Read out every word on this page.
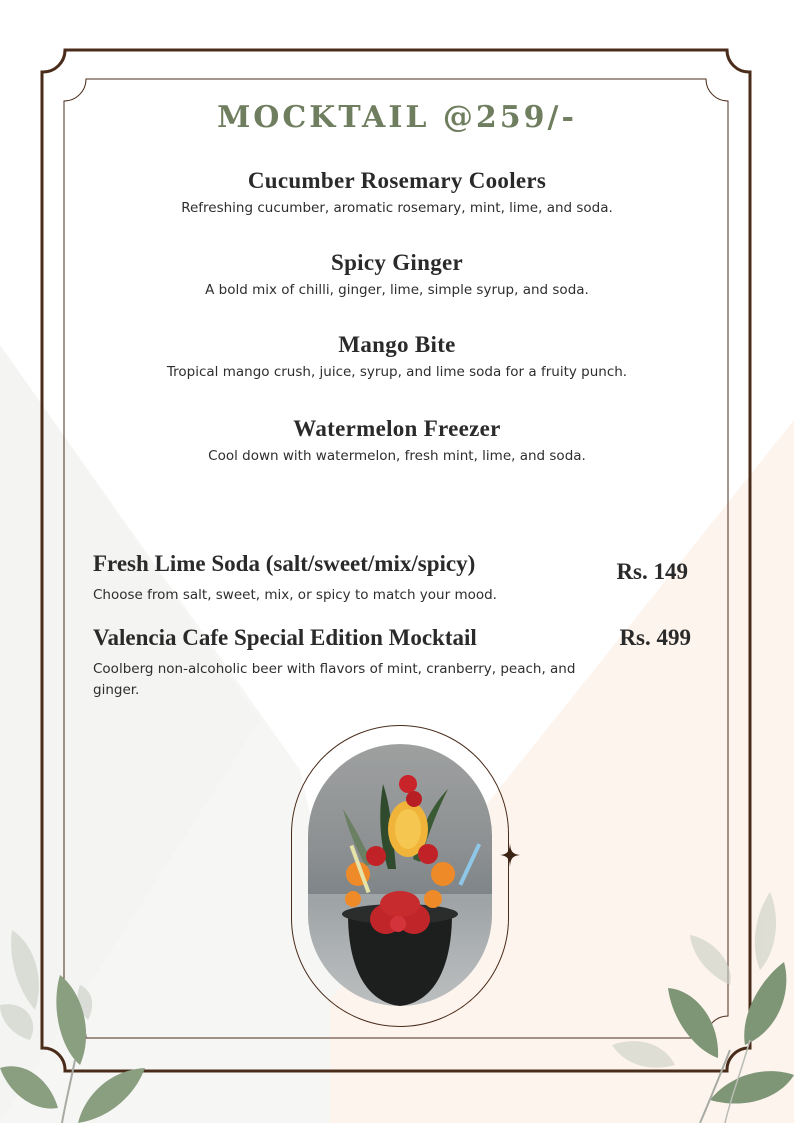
MOCKTAIL @259/-
Cucumber Rosemary Coolers
Refreshing cucumber, aromatic rosemary, mint, lime, and soda.
Spicy Ginger
A bold mix of chilli, ginger, lime, simple syrup, and soda.
Mango Bite
Tropical mango crush, juice, syrup, and lime soda for a fruity punch.
Watermelon Freezer
Cool down with watermelon, fresh mint, lime, and soda.
Fresh Lime Soda (salt/sweet/mix/spicy)	Rs. 149
Choose from salt, sweet, mix, or spicy to match your mood.
Valencia Cafe Special Edition Mocktail	Rs. 499
Coolberg non-alcoholic beer with flavors of mint, cranberry, peach, and ginger.
